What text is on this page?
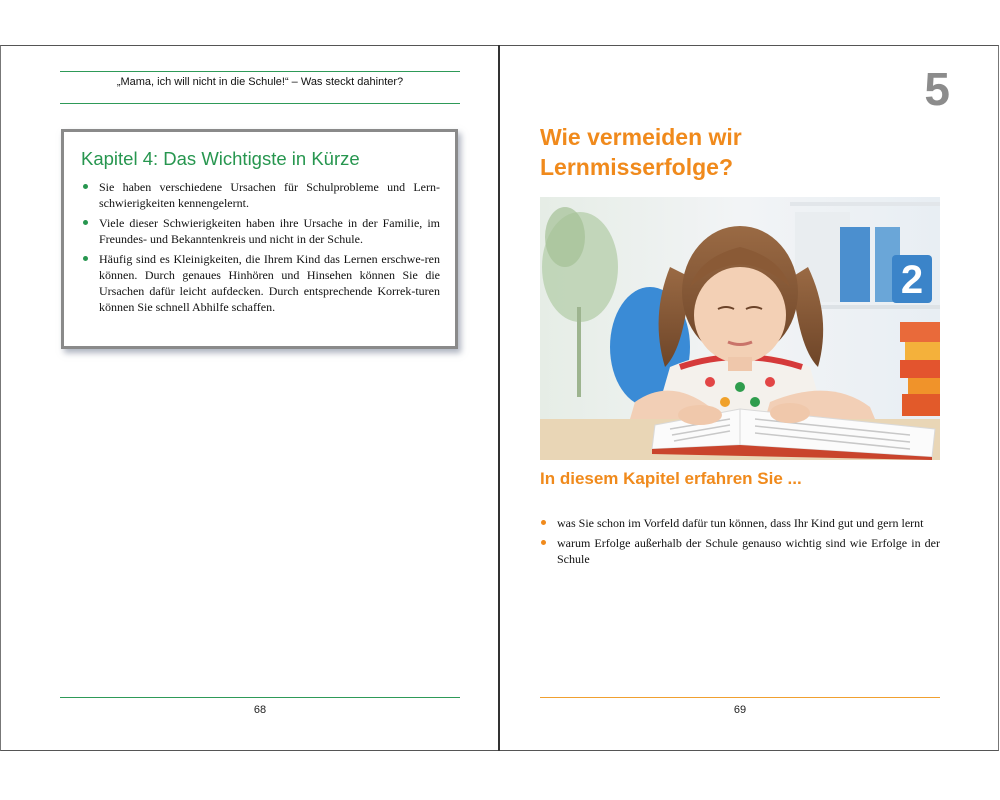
„Mama, ich will nicht in die Schule!“ – Was steckt dahinter?
Kapitel 4: Das Wichtigste in Kürze
Sie haben verschiedene Ursachen für Schulprobleme und Lern-schwierigkeiten kennengelernt.
Viele dieser Schwierigkeiten haben ihre Ursache in der Familie, im Freundes- und Bekanntenkreis und nicht in der Schule.
Häufig sind es Kleinigkeiten, die Ihrem Kind das Lernen erschwe-ren können. Durch genaues Hinhören und Hinsehen können Sie die Ursachen dafür leicht aufdecken. Durch entsprechende Korrek-turen können Sie schnell Abhilfe schaffen.
68
5
Wie vermeiden wir Lernmisserfolge?
2
In diesem Kapitel erfahren Sie ...
was Sie schon im Vorfeld dafür tun können, dass Ihr Kind gut und gern lernt
warum Erfolge außerhalb der Schule genauso wichtig sind wie Erfolge in der Schule
69
